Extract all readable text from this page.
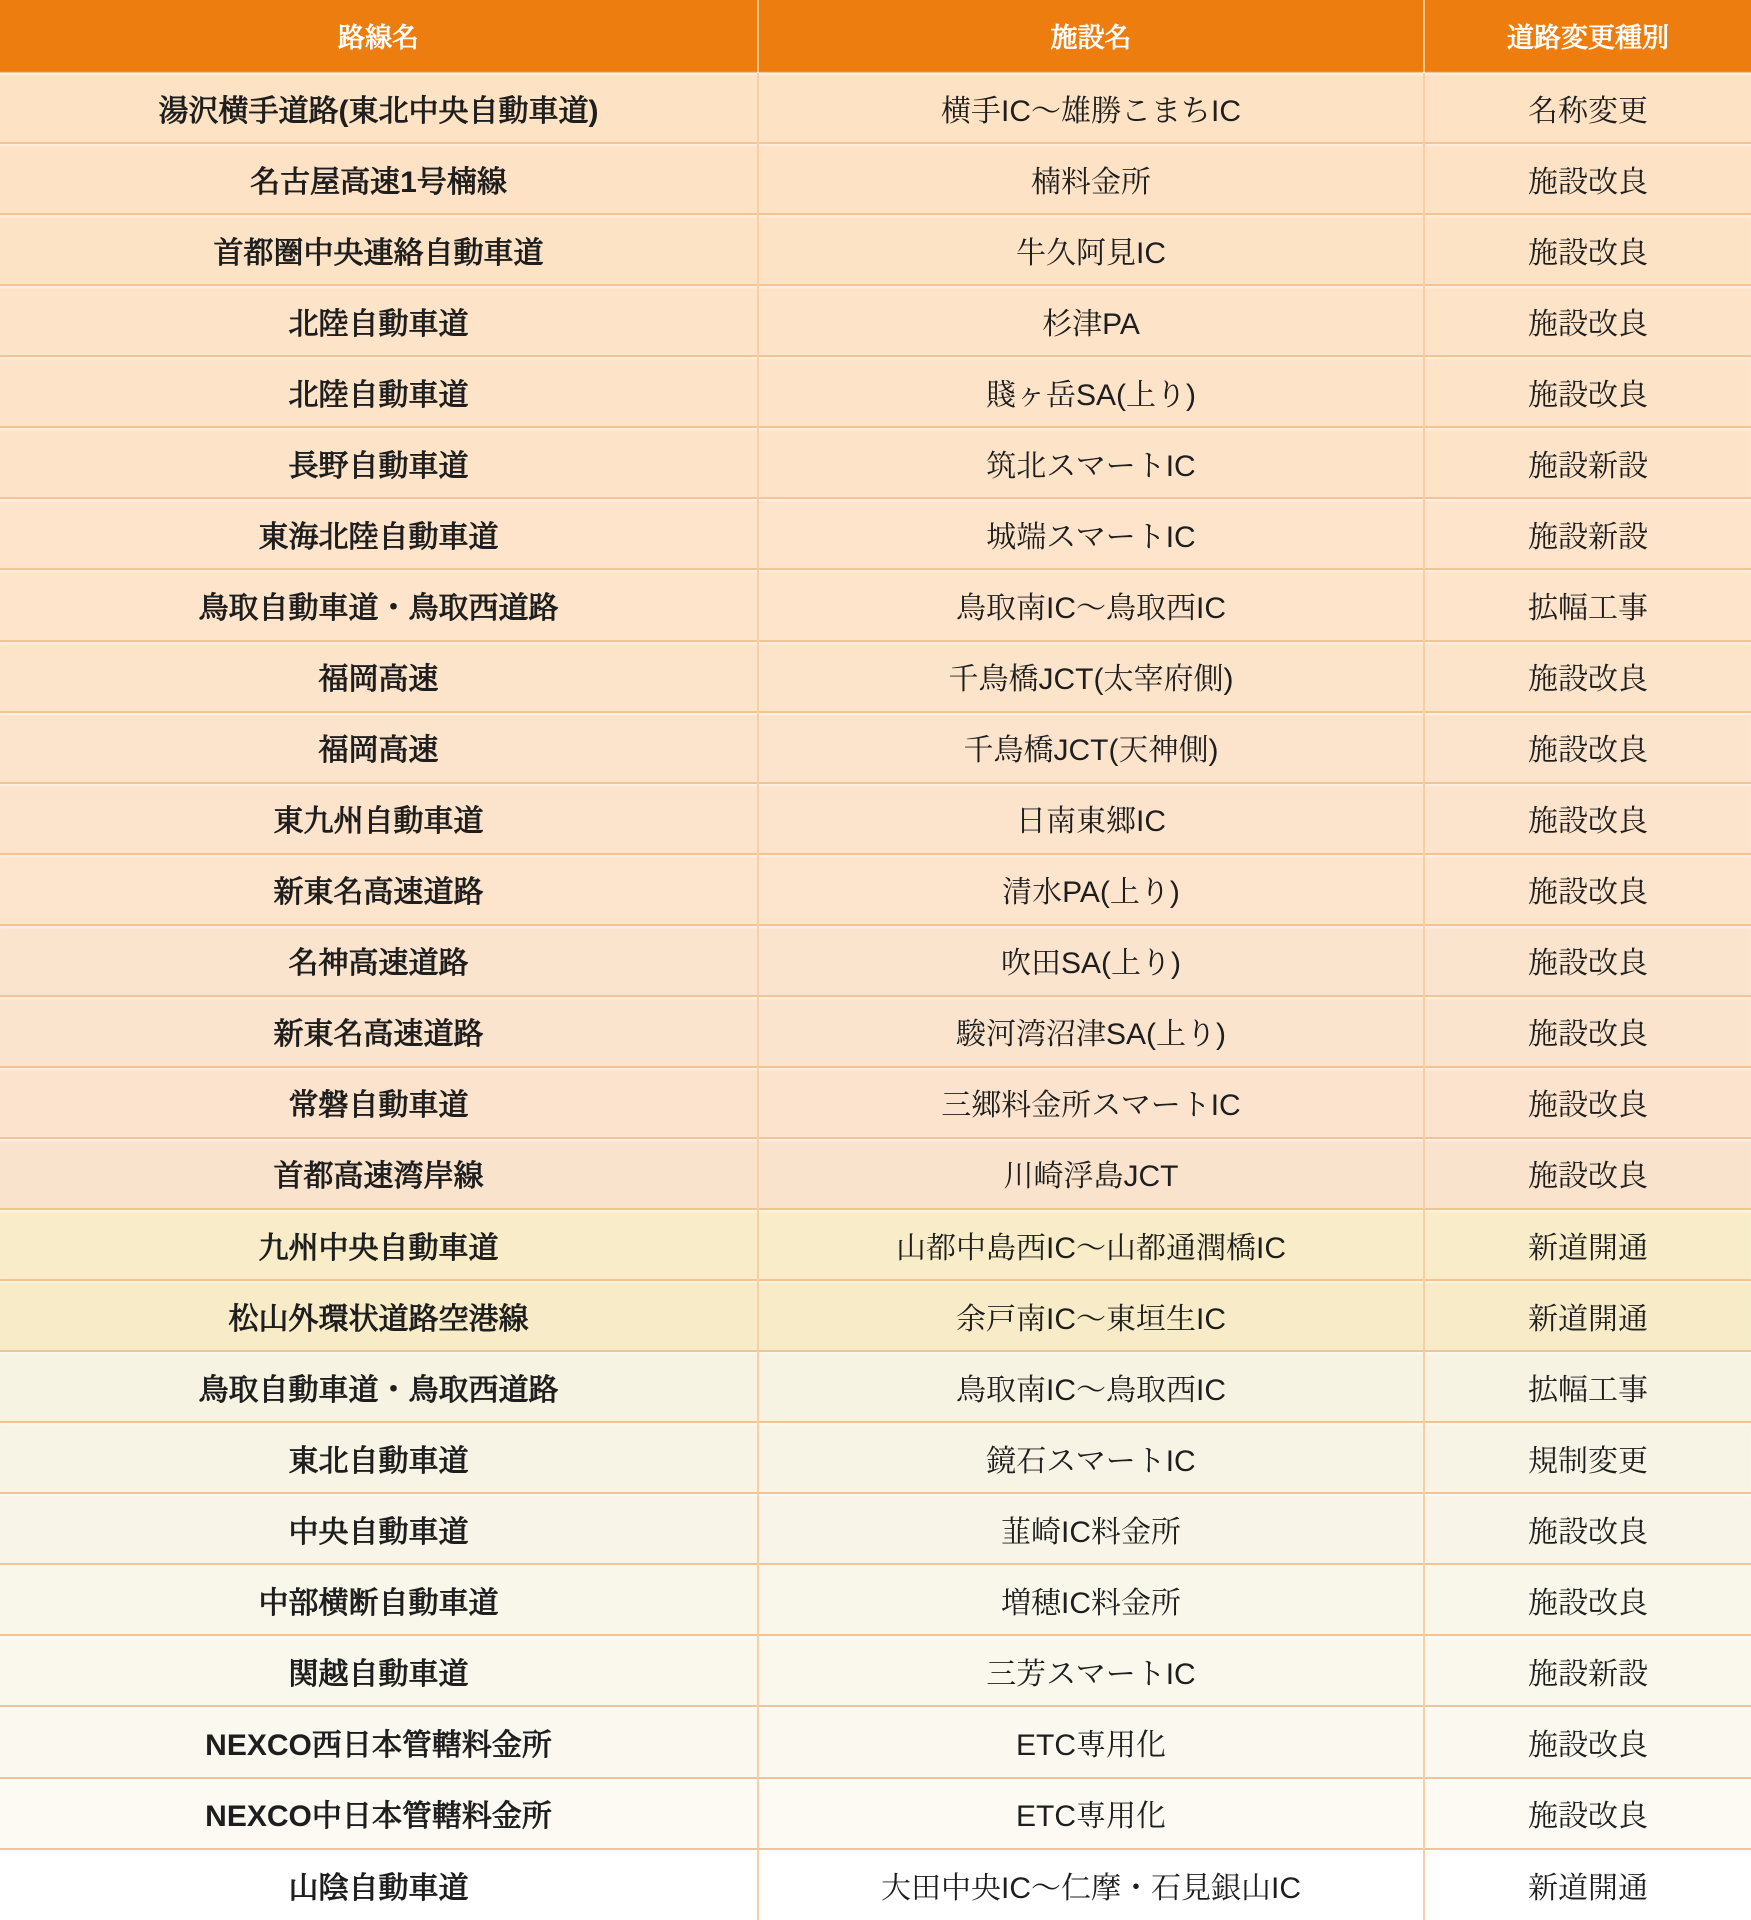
路線名	施設名	道路変更種別
湯沢横手道路(東北中央自動車道)	横手IC〜雄勝こまちIC	名称変更
名古屋高速1号楠線	楠料金所	施設改良
首都圏中央連絡自動車道	牛久阿見IC	施設改良
北陸自動車道	杉津PA	施設改良
北陸自動車道	賤ヶ岳SA(上り)	施設改良
長野自動車道	筑北スマートIC	施設新設
東海北陸自動車道	城端スマートIC	施設新設
鳥取自動車道・鳥取西道路	鳥取南IC〜鳥取西IC	拡幅工事
福岡高速	千鳥橋JCT(太宰府側)	施設改良
福岡高速	千鳥橋JCT(天神側)	施設改良
東九州自動車道	日南東郷IC	施設改良
新東名高速道路	清水PA(上り)	施設改良
名神高速道路	吹田SA(上り)	施設改良
新東名高速道路	駿河湾沼津SA(上り)	施設改良
常磐自動車道	三郷料金所スマートIC	施設改良
首都高速湾岸線	川崎浮島JCT	施設改良
九州中央自動車道	山都中島西IC〜山都通潤橋IC	新道開通
松山外環状道路空港線	余戸南IC〜東垣生IC	新道開通
鳥取自動車道・鳥取西道路	鳥取南IC〜鳥取西IC	拡幅工事
東北自動車道	鏡石スマートIC	規制変更
中央自動車道	韮崎IC料金所	施設改良
中部横断自動車道	増穂IC料金所	施設改良
関越自動車道	三芳スマートIC	施設新設
NEXCO西日本管轄料金所	ETC専用化	施設改良
NEXCO中日本管轄料金所	ETC専用化	施設改良
山陰自動車道	大田中央IC〜仁摩・石見銀山IC	新道開通
